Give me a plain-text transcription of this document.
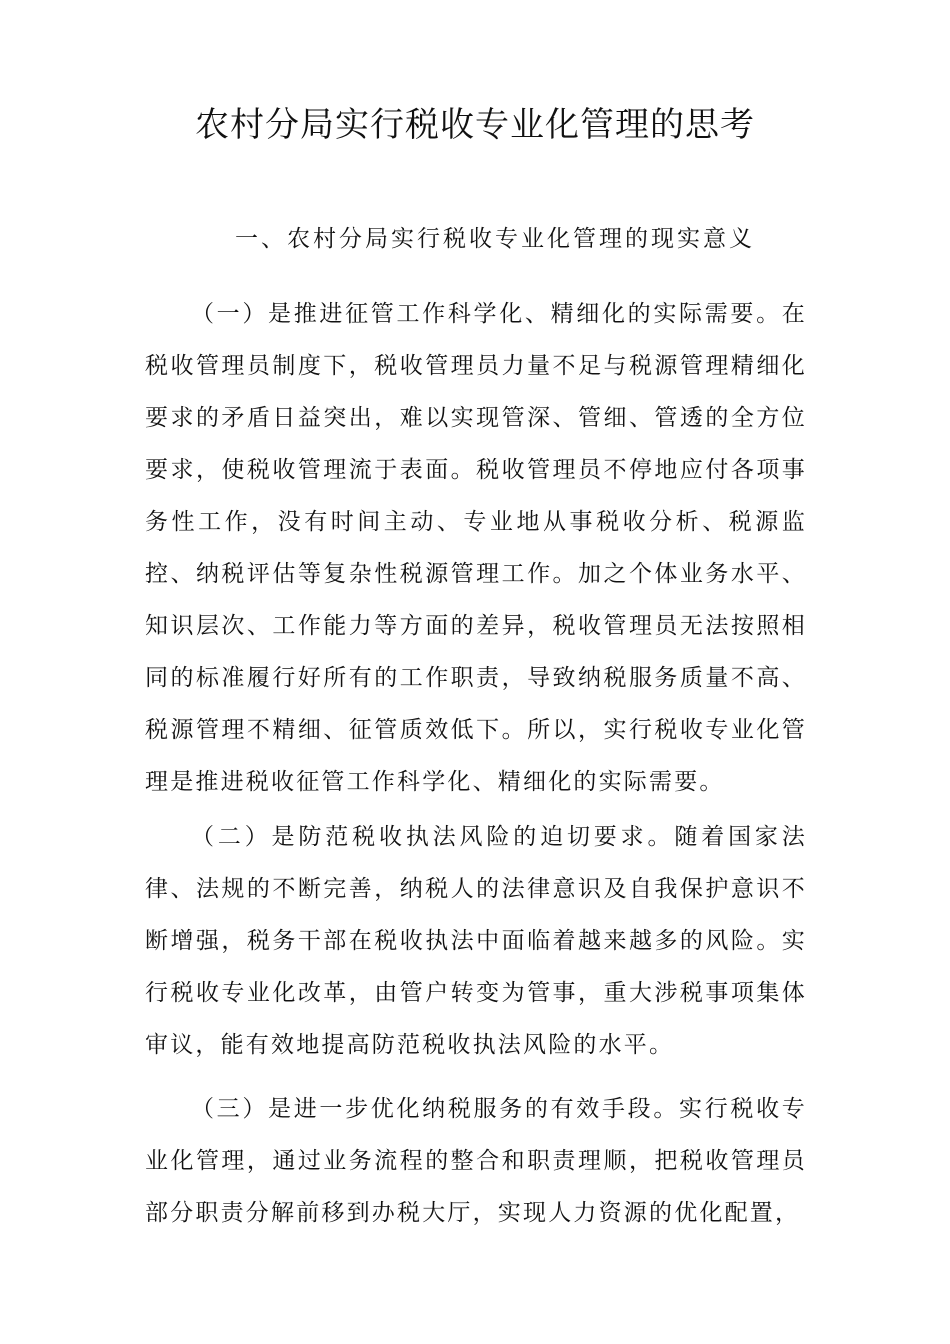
农村分局实行税收专业化管理的思考
一、农村分局实行税收专业化管理的现实意义

（一）是推进征管工作科学化、精细化的实际需要。在税收管理员制度下，税收管理员力量不足与税源管理精细化要求的矛盾日益突出，难以实现管深、管细、管透的全方位要求，使税收管理流于表面。税收管理员不停地应付各项事务性工作，没有时间主动、专业地从事税收分析、税源监控、纳税评估等复杂性税源管理工作。加之个体业务水平、知识层次、工作能力等方面的差异，税收管理员无法按照相同的标准履行好所有的工作职责，导致纳税服务质量不高、税源管理不精细、征管质效低下。所以，实行税收专业化管理是推进税收征管工作科学化、精细化的实际需要。

（二）是防范税收执法风险的迫切要求。随着国家法律、法规的不断完善，纳税人的法律意识及自我保护意识不断增强，税务干部在税收执法中面临着越来越多的风险。实行税收专业化改革，由管户转变为管事，重大涉税事项集体审议，能有效地提高防范税收执法风险的水平。

（三）是进一步优化纳税服务的有效手段。实行税收专业化管理，通过业务流程的整合和职责理顺，把税收管理员部分职责分解前移到办税大厅，实现人力资源的优化配置，
